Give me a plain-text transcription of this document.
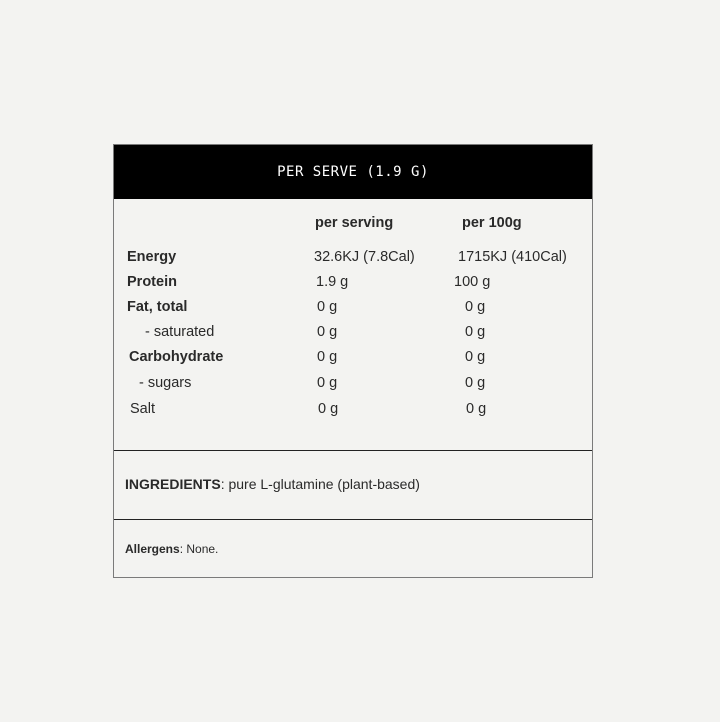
PER SERVE (1.9 G)
per serving	per 100g
Energy	32.6KJ (7.8Cal)	1715KJ (410Cal)
Protein	1.9 g	100 g
Fat, total	0 g	0 g
- saturated	0 g	0 g
Carbohydrate	0 g	0 g
- sugars	0 g	0 g
Salt	0 g	0 g
INGREDIENTS: pure L-glutamine (plant-based)
Allergens: None.
